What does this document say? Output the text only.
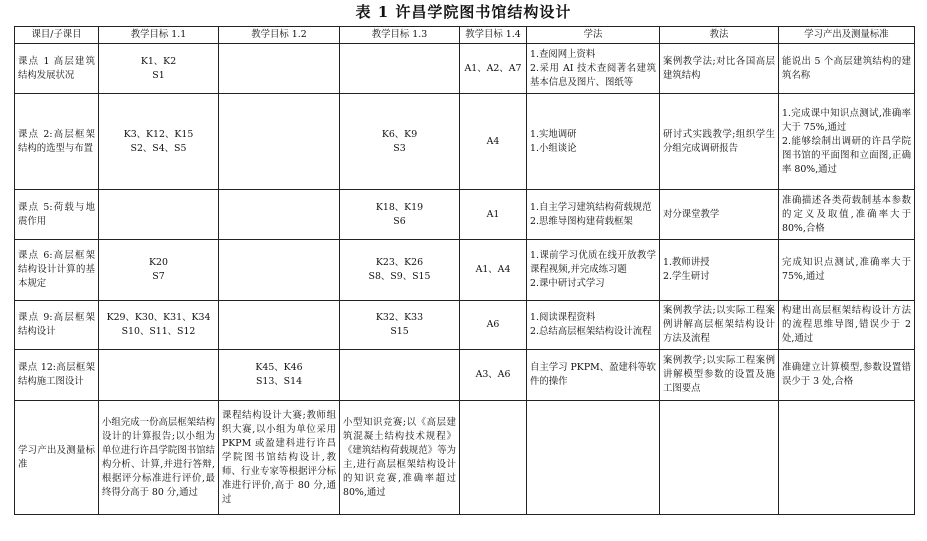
表 1 许昌学院图书馆结构设计
课目/子课目	教学目标 1.1	教学目标 1.2	教学目标 1.3	教学目标 1.4	学法	教法	学习产出及测量标准

课点 1 高层建筑结构发展状况	K1、K2
S1			A1、A2、A7	1.查阅网上资料
2.采用 AI 技术查阅著名建筑基本信息及图片、图纸等	案例教学法;对比各国高层建筑结构	能说出 5 个高层建筑结构的建筑名称

课点 2:高层框架结构的选型与布置	K3、K12、K15
S2、S4、S5		K6、K9
S3	A4	1.实地调研
1.小组谈论	研讨式实践教学;组织学生分组完成调研报告	1.完成课中知识点测试,准确率大于 75%,通过
2.能够绘制出调研的许昌学院图书馆的平面图和立面图,正确率 80%,通过

课点 5:荷载与地震作用			K18、K19
S6	A1	1.自主学习建筑结构荷载规范
2.思维导图构建荷载框架	对分课堂教学	准确描述各类荷载制基本参数的定义及取值,准确率大于 80%,合格

课点 6:高层框架结构设计计算的基本规定	K20
S7		K23、K26
S8、S9、S15	A1、A4	1.课前学习优质在线开放教学课程视频,并完成练习题
2.课中研讨式学习	1.教师讲授
2.学生研讨	完成知识点测试,准确率大于 75%,通过

课点 9:高层框架结构设计	K29、K30、K31、K34
S10、S11、S12		K32、K33
S15	A6	1.阅读课程资料
2.总结高层框架结构设计流程	案例教学法;以实际工程案例讲解高层框架结构设计方法及流程	构建出高层框架结构设计方法的流程思维导图,错误少于 2 处,通过

课点 12:高层框架结构施工图设计		K45、K46
S13、S14		A3、A6	自主学习 PKPM、盈建科等软件的操作	案例教学;以实际工程案例讲解模型参数的设置及施工图要点	准确建立计算模型,参数设置错误少于 3 处,合格

学习产出及测量标准	小组完成一份高层框架结构设计的计算报告;以小组为单位进行许昌学院图书馆结构分析、计算,并进行答辩,根据评分标准进行评价,最终得分高于 80 分,通过	课程结构设计大赛;教师组织大赛,以小组为单位采用 PKPM 或盈建科进行许昌学院图书馆结构设计,教师、行业专家等根据评分标准进行评价,高于 80 分,通过	小型知识竞赛;以《高层建筑混凝土结构技术规程》《建筑结构荷载规范》等为主,进行高层框架结构设计的知识竞赛,准确率超过 80%,通过				
